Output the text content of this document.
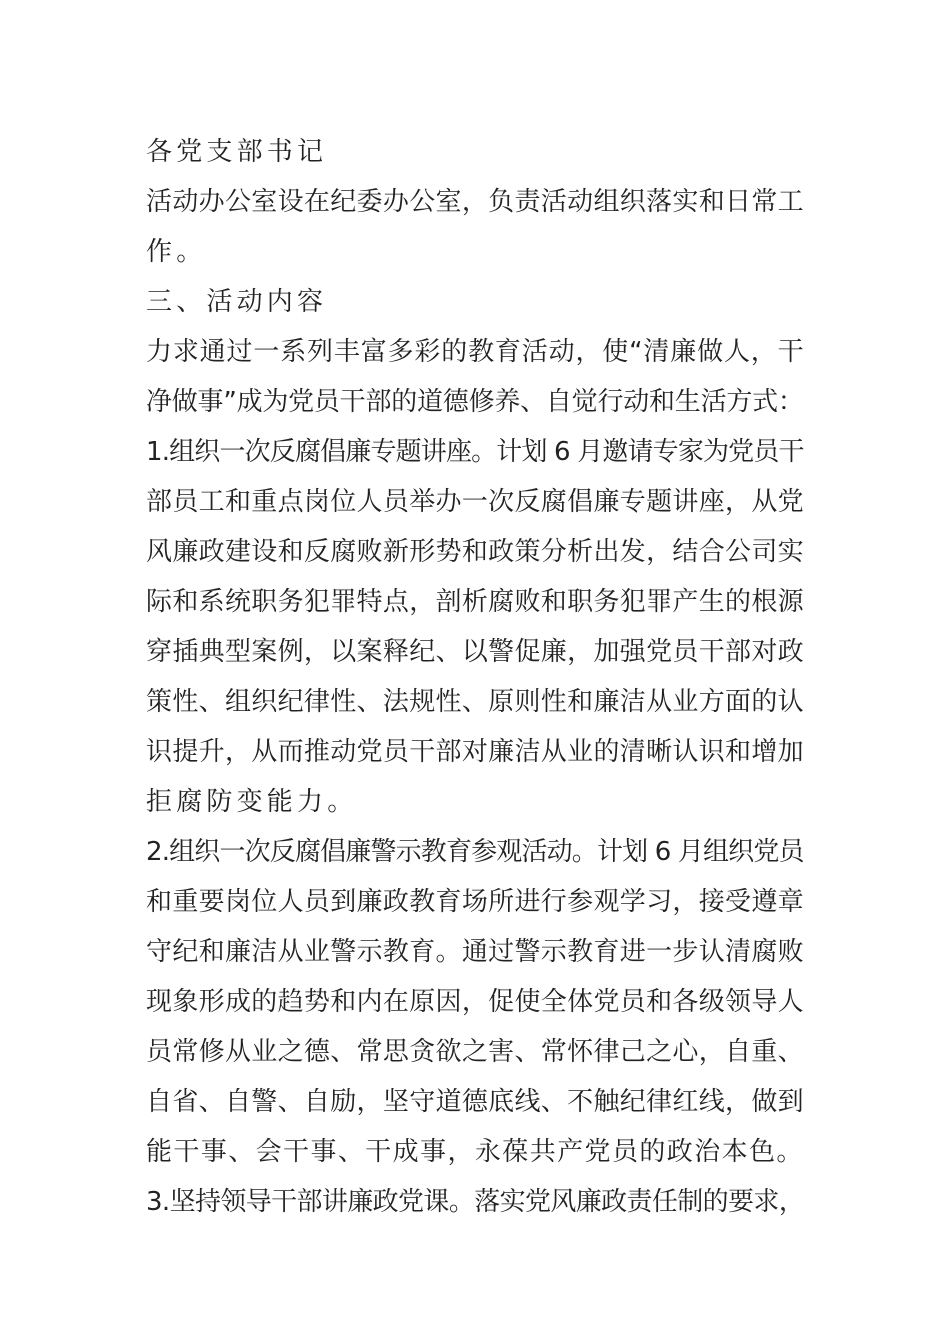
各党支部书记

活动办公室设在纪委办公室，负责活动组织落实和日常工

作。

三、活动内容

力求通过一系列丰富多彩的教育活动，使“清廉做人，干

净做事”成为党员干部的道德修养、自觉行动和生活方式：

1.组织一次反腐倡廉专题讲座。计划 6 月邀请专家为党员干

部员工和重点岗位人员举办一次反腐倡廉专题讲座，从党

风廉政建设和反腐败新形势和政策分析出发，结合公司实

际和系统职务犯罪特点，剖析腐败和职务犯罪产生的根源

穿插典型案例，以案释纪、以警促廉，加强党员干部对政

策性、组织纪律性、法规性、原则性和廉洁从业方面的认

识提升，从而推动党员干部对廉洁从业的清晰认识和增加

拒腐防变能力。

2.组织一次反腐倡廉警示教育参观活动。计划 6 月组织党员

和重要岗位人员到廉政教育场所进行参观学习，接受遵章

守纪和廉洁从业警示教育。通过警示教育进一步认清腐败

现象形成的趋势和内在原因，促使全体党员和各级领导人

员常修从业之德、常思贪欲之害、常怀律己之心，自重、

自省、自警、自励，坚守道德底线、不触纪律红线，做到

能干事、会干事、干成事，永葆共产党员的政治本色。

3.坚持领导干部讲廉政党课。落实党风廉政责任制的要求，
